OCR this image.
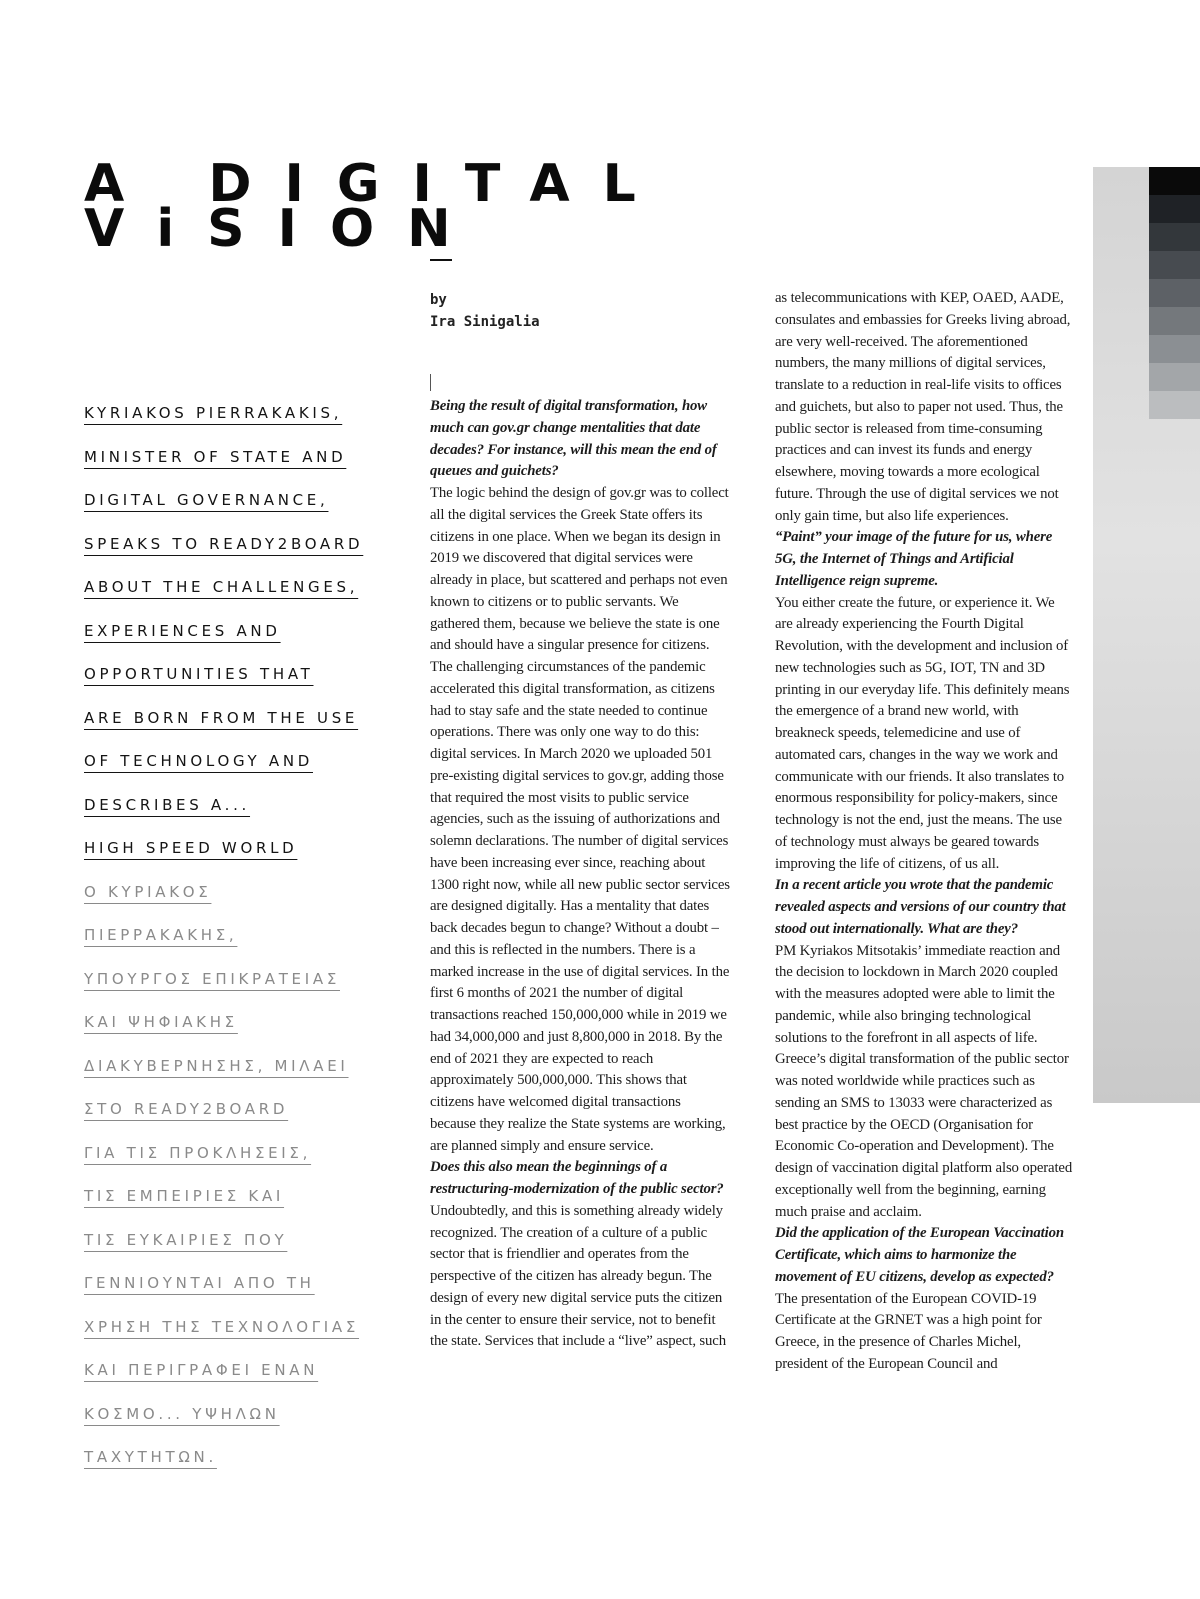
A DIGITAL
ViSION
by
Ira Sinigalia
KYRIAKOS PIERRAKAKIS,
MINISTER OF STATE AND
DIGITAL GOVERNANCE,
SPEAKS TO READY2BOARD
ABOUT THE CHALLENGES,
EXPERIENCES AND
OPPORTUNITIES THAT
ARE BORN FROM THE USE
OF TECHNOLOGY AND
DESCRIBES A...
HIGH SPEED WORLD
Ο ΚΥΡΙΑΚΟΣ
ΠΙΕΡΡΑΚΑΚΗΣ,
ΥΠΟΥΡΓΟΣ ΕΠΙΚΡΑΤΕΙΑΣ
ΚΑΙ ΨΗΦΙΑΚΗΣ
ΔΙΑΚΥΒΕΡΝΗΣΗΣ, ΜΙΛΑΕΙ
ΣΤΟ READY2BOARD
ΓΙΑ ΤΙΣ ΠΡΟΚΛΗΣΕΙΣ,
ΤΙΣ ΕΜΠΕΙΡΙΕΣ ΚΑΙ
ΤΙΣ ΕΥΚΑΙΡΙΕΣ ΠΟΥ
ΓΕΝΝΙΟΥΝΤΑΙ ΑΠΟ ΤΗ
ΧΡΗΣΗ ΤΗΣ ΤΕΧΝΟΛΟΓΙΑΣ
ΚΑΙ ΠΕΡΙΓΡΑΦΕΙ ΕΝΑΝ
ΚΟΣΜΟ... ΥΨΗΛΩΝ
ΤΑΧΥΤΗΤΩΝ.

Being the result of digital transformation, how much can gov.gr change mentalities that date decades? For instance, will this mean the end of queues and guichets?

The logic behind the design of gov.gr was to collect all the digital services the Greek State offers its citizens in one place. When we began its design in 2019 we discovered that digital services were already in place, but scattered and perhaps not even known to citizens or to public servants. We gathered them, because we believe the state is one and should have a singular presence for citizens. The challenging circumstances of the pandemic accelerated this digital transformation, as citizens had to stay safe and the state needed to continue operations. There was only one way to do this: digital services. In March 2020 we uploaded 501 pre-existing digital services to gov.gr, adding those that required the most visits to public service agencies, such as the issuing of authorizations and solemn declarations. The number of digital services have been increasing ever since, reaching about 1300 right now, while all new public sector services are designed digitally. Has a mentality that dates back decades begun to change? Without a doubt – and this is reflected in the numbers. There is a marked increase in the use of digital services. In the first 6 months of 2021 the number of digital transactions reached 150,000,000 while in 2019 we had 34,000,000 and just 8,800,000 in 2018. By the end of 2021 they are expected to reach approximately 500,000,000. This shows that citizens have welcomed digital transactions because they realize the State systems are working, are planned simply and ensure service.

Does this also mean the beginnings of a restructuring-modernization of the public sector?

Undoubtedly, and this is something already widely recognized. The creation of a culture of a public sector that is friendlier and operates from the perspective of the citizen has already begun. The design of every new digital service puts the citizen in the center to ensure their service, not to benefit the state. Services that include a “live” aspect, such

as telecommunications with KEP, OAED, AADE, consulates and embassies for Greeks living abroad, are very well-received. The aforementioned numbers, the many millions of digital services, translate to a reduction in real-life visits to offices and guichets, but also to paper not used. Thus, the public sector is released from time-consuming practices and can invest its funds and energy elsewhere, moving towards a more ecological future. Through the use of digital services we not only gain time, but also life experiences.

“Paint” your image of the future for us, where 5G, the Internet of Things and Artificial Intelligence reign supreme.

You either create the future, or experience it. We are already experiencing the Fourth Digital Revolution, with the development and inclusion of new technologies such as 5G, IOT, TN and 3D printing in our everyday life. This definitely means the emergence of a brand new world, with breakneck speeds, telemedicine and use of automated cars, changes in the way we work and communicate with our friends. It also translates to enormous responsibility for policy-makers, since technology is not the end, just the means. The use of technology must always be geared towards improving the life of citizens, of us all.

In a recent article you wrote that the pandemic revealed aspects and versions of our country that stood out internationally. What are they?

PM Kyriakos Mitsotakis’ immediate reaction and the decision to lockdown in March 2020 coupled with the measures adopted were able to limit the pandemic, while also bringing technological solutions to the forefront in all aspects of life. Greece’s digital transformation of the public sector was noted worldwide while practices such as sending an SMS to 13033 were characterized as best practice by the OECD (Organisation for Economic Co-operation and Development). The design of vaccination digital platform also operated exceptionally well from the beginning, earning much praise and acclaim.

Did the application of the European Vaccination Certificate, which aims to harmonize the movement of EU citizens, develop as expected?

The presentation of the European COVID-19 Certificate at the GRNET was a high point for Greece, in the presence of Charles Michel, president of the European Council and
